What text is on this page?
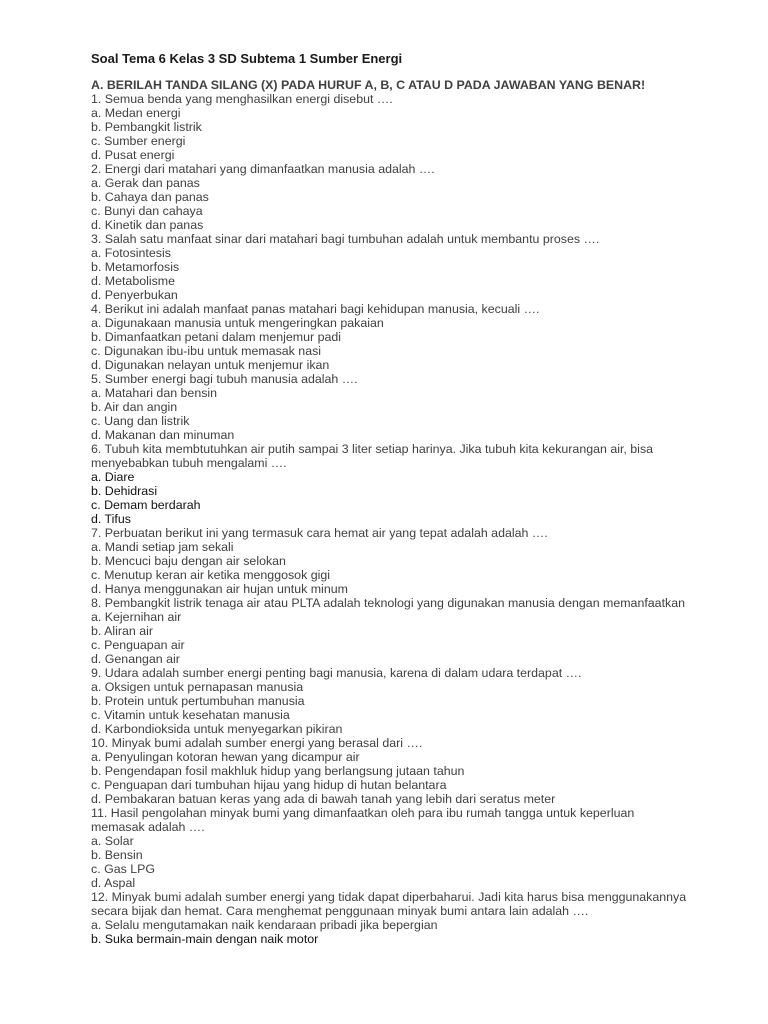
Soal Tema 6 Kelas 3 SD Subtema 1 Sumber Energi
A. BERILAH TANDA SILANG (X) PADA HURUF A, B, C ATAU D PADA JAWABAN YANG BENAR!
1. Semua benda yang menghasilkan energi disebut ….
a. Medan energi
b. Pembangkit listrik
c. Sumber energi
d. Pusat energi
2. Energi dari matahari yang dimanfaatkan manusia adalah ….
a. Gerak dan panas
b. Cahaya dan panas
c. Bunyi dan cahaya
d. Kinetik dan panas
3. Salah satu manfaat sinar dari matahari bagi tumbuhan adalah untuk membantu proses ….
a. Fotosintesis
b. Metamorfosis
d. Metabolisme
d. Penyerbukan
4. Berikut ini adalah manfaat panas matahari bagi kehidupan manusia, kecuali ….
a. Digunakaan manusia untuk mengeringkan pakaian
b. Dimanfaatkan petani dalam menjemur padi
c. Digunakan ibu-ibu untuk memasak nasi
d. Digunakan nelayan untuk menjemur ikan
5. Sumber energi bagi tubuh manusia adalah ….
a. Matahari dan bensin
b. Air dan angin
c. Uang dan listrik
d. Makanan dan minuman
6. Tubuh kita membtutuhkan air putih sampai 3 liter setiap harinya. Jika tubuh kita kekurangan air, bisa
menyebabkan tubuh mengalami ….
a. Diare
b. Dehidrasi
c. Demam berdarah
d. Tifus
7. Perbuatan berikut ini yang termasuk cara hemat air yang tepat adalah adalah ….
a. Mandi setiap jam sekali
b. Mencuci baju dengan air selokan
c. Menutup keran air ketika menggosok gigi
d. Hanya menggunakan air hujan untuk minum
8. Pembangkit listrik tenaga air atau PLTA adalah teknologi yang digunakan manusia dengan memanfaatkan
a. Kejernihan air
b. Aliran air
c. Penguapan air
d. Genangan air
9. Udara adalah sumber energi penting bagi manusia, karena di dalam udara terdapat ….
a. Oksigen untuk pernapasan manusia
b. Protein untuk pertumbuhan manusia
c. Vitamin untuk kesehatan manusia
d. Karbondioksida untuk menyegarkan pikiran
10. Minyak bumi adalah sumber energi yang berasal dari ….
a. Penyulingan kotoran hewan yang dicampur air
b. Pengendapan fosil makhluk hidup yang berlangsung jutaan tahun
c. Penguapan dari tumbuhan hijau yang hidup di hutan belantara
d. Pembakaran batuan keras yang ada di bawah tanah yang lebih dari seratus meter
11. Hasil pengolahan minyak bumi yang dimanfaatkan oleh para ibu rumah tangga untuk keperluan
memasak adalah ….
a. Solar
b. Bensin
c. Gas LPG
d. Aspal
12. Minyak bumi adalah sumber energi yang tidak dapat diperbaharui. Jadi kita harus bisa menggunakannya
secara bijak dan hemat. Cara menghemat penggunaan minyak bumi antara lain adalah ….
a. Selalu mengutamakan naik kendaraan pribadi jika bepergian
b. Suka bermain-main dengan naik motor
